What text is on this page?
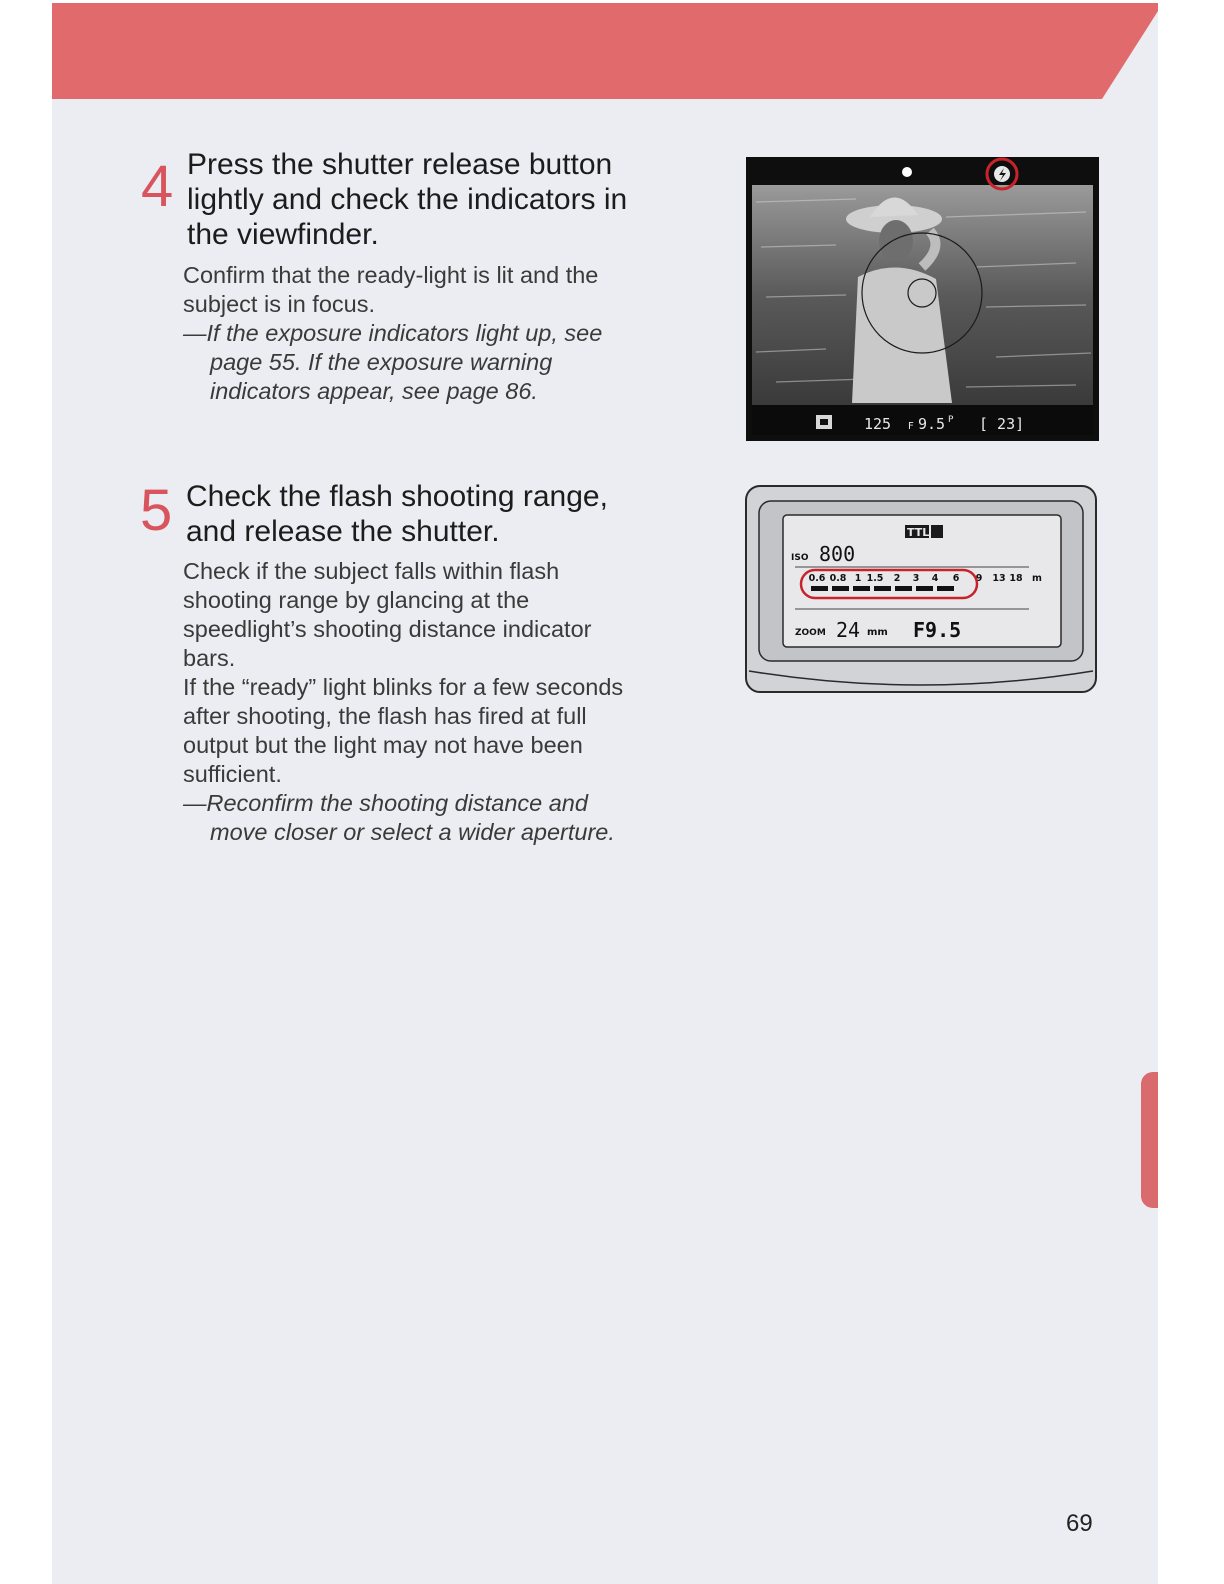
4 Press the shutter release button
lightly and check the indicators in
the viewfinder.
Confirm that the ready-light is lit and the
subject is in focus.
—If the exposure indicators light up, see
page 55. If the exposure warning
indicators appear, see page 86.
125 F 9.5 P [ 23]
5 Check the flash shooting range,
and release the shutter.
Check if the subject falls within flash
shooting range by glancing at the
speedlight’s shooting distance indicator
bars.
If the “ready” light blinks for a few seconds
after shooting, the flash has fired at full
output but the light may not have been
sufficient.
—Reconfirm the shooting distance and
move closer or select a wider aperture.
TTL
ISO 800
0.6 0.8 1 1.5 2 3 4 6 9 13 18 m
ZOOM 24 mm F9.5
69
